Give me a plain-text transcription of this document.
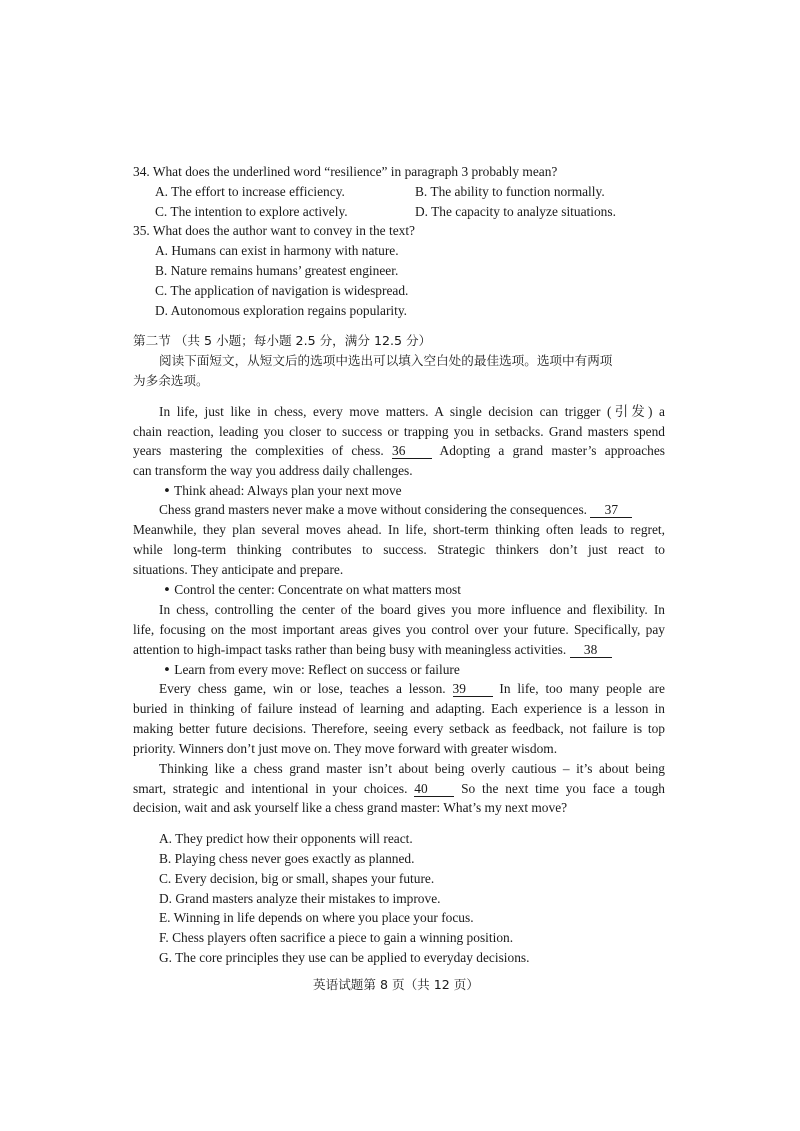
34. What does the underlined word “resilience” in paragraph 3 probably mean?
A. The effort to increase efficiency.	B. The ability to function normally.
C. The intention to explore actively.	D. The capacity to analyze situations.
35. What does the author want to convey in the text?
A. Humans can exist in harmony with nature.
B. Nature remains humans’ greatest engineer.
C. The application of navigation is widespread.
D. Autonomous exploration regains popularity.
第二节 （共 5 小题；每小题 2.5 分，满分 12.5 分）
阅读下面短文，从短文后的选项中选出可以填入空白处的最佳选项。选项中有两项
为多余选项。
In life, just like in chess, every move matters. A single decision can trigger (引发) a
chain reaction, leading you closer to success or trapping you in setbacks. Grand masters spend
years mastering the complexities of chess. 36	Adopting a grand master’s approaches
can transform the way you address daily challenges.
• Think ahead: Always plan your next move
Chess grand masters never make a move without considering the consequences. 37
Meanwhile, they plan several moves ahead. In life, short-term thinking often leads to regret,
while long-term thinking contributes to success. Strategic thinkers don’t just react to
situations. They anticipate and prepare.
• Control the center: Concentrate on what matters most
In chess, controlling the center of the board gives you more influence and flexibility. In
life, focusing on the most important areas gives you control over your future. Specifically, pay
attention to high-impact tasks rather than being busy with meaningless activities. 38
• Learn from every move: Reflect on success or failure
Every chess game, win or lose, teaches a lesson. 39 In life, too many people are
buried in thinking of failure instead of learning and adapting. Each experience is a lesson in
making better future decisions. Therefore, seeing every setback as feedback, not failure is top
priority. Winners don’t just move on. They move forward with greater wisdom.
Thinking like a chess grand master isn’t about being overly cautious – it’s about being
smart, strategic and intentional in your choices. 40 So the next time you face a tough
decision, wait and ask yourself like a chess grand master: What’s my next move?
A. They predict how their opponents will react.
B. Playing chess never goes exactly as planned.
C. Every decision, big or small, shapes your future.
D. Grand masters analyze their mistakes to improve.
E. Winning in life depends on where you place your focus.
F. Chess players often sacrifice a piece to gain a winning position.
G. The core principles they use can be applied to everyday decisions.
英语试题第 8 页（共 12 页）
